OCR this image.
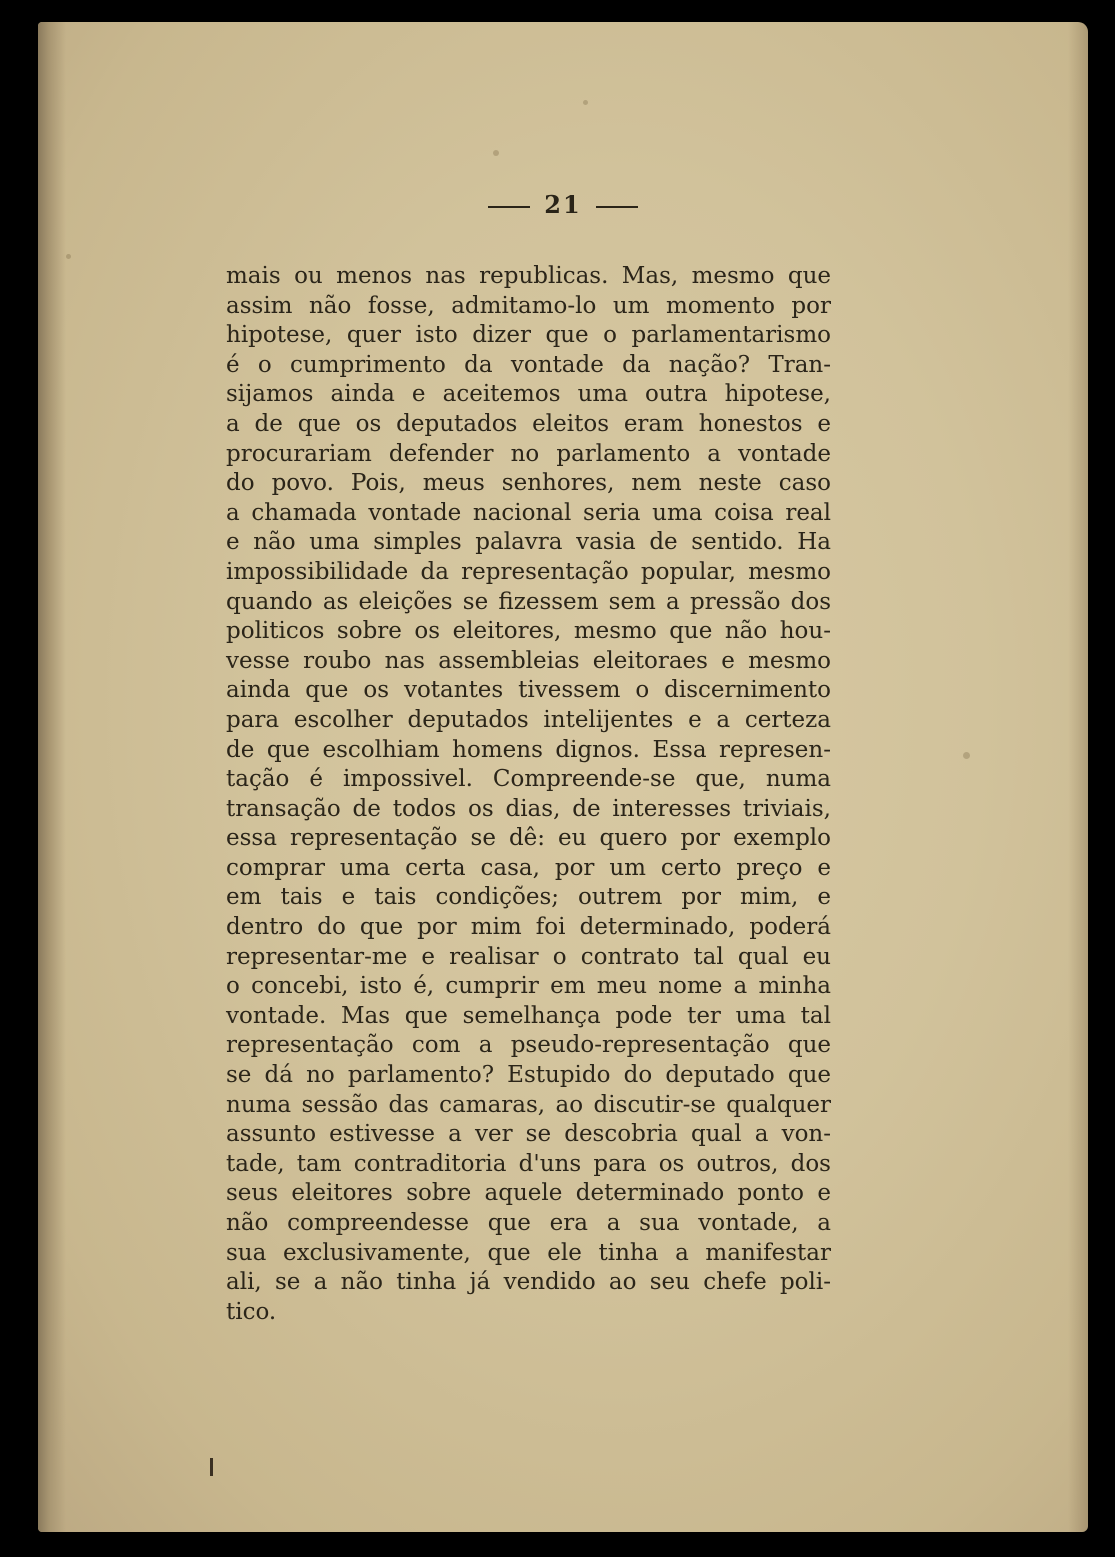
21
mais ou menos nas republicas. Mas, mesmo que
assim não fosse, admitamo-lo um momento por
hipotese, quer isto dizer que o parlamentarismo
é o cumprimento da vontade da nação? Tran-
sijamos ainda e aceitemos uma outra hipotese,
a de que os deputados eleitos eram honestos e
procurariam defender no parlamento a vontade
do povo. Pois, meus senhores, nem neste caso
a chamada vontade nacional seria uma coisa real
e não uma simples palavra vasia de sentido. Ha
impossibilidade da representação popular, mesmo
quando as eleições se fizessem sem a pressão dos
politicos sobre os eleitores, mesmo que não hou-
vesse roubo nas assembleias eleitoraes e mesmo
ainda que os votantes tivessem o discernimento
para escolher deputados intelijentes e a certeza
de que escolhiam homens dignos. Essa represen-
tação é impossivel. Compreende-se que, numa
transação de todos os dias, de interesses triviais,
essa representação se dê: eu quero por exemplo
comprar uma certa casa, por um certo preço e
em tais e tais condições; outrem por mim, e
dentro do que por mim foi determinado, poderá
representar-me e realisar o contrato tal qual eu
o concebi, isto é, cumprir em meu nome a minha
vontade. Mas que semelhança pode ter uma tal
representação com a pseudo-representação que
se dá no parlamento? Estupido do deputado que
numa sessão das camaras, ao discutir-se qualquer
assunto estivesse a ver se descobria qual a von-
tade, tam contraditoria d'uns para os outros, dos
seus eleitores sobre aquele determinado ponto e
não compreendesse que era a sua vontade, a
sua exclusivamente, que ele tinha a manifestar
ali, se a não tinha já vendido ao seu chefe poli-
tico.
